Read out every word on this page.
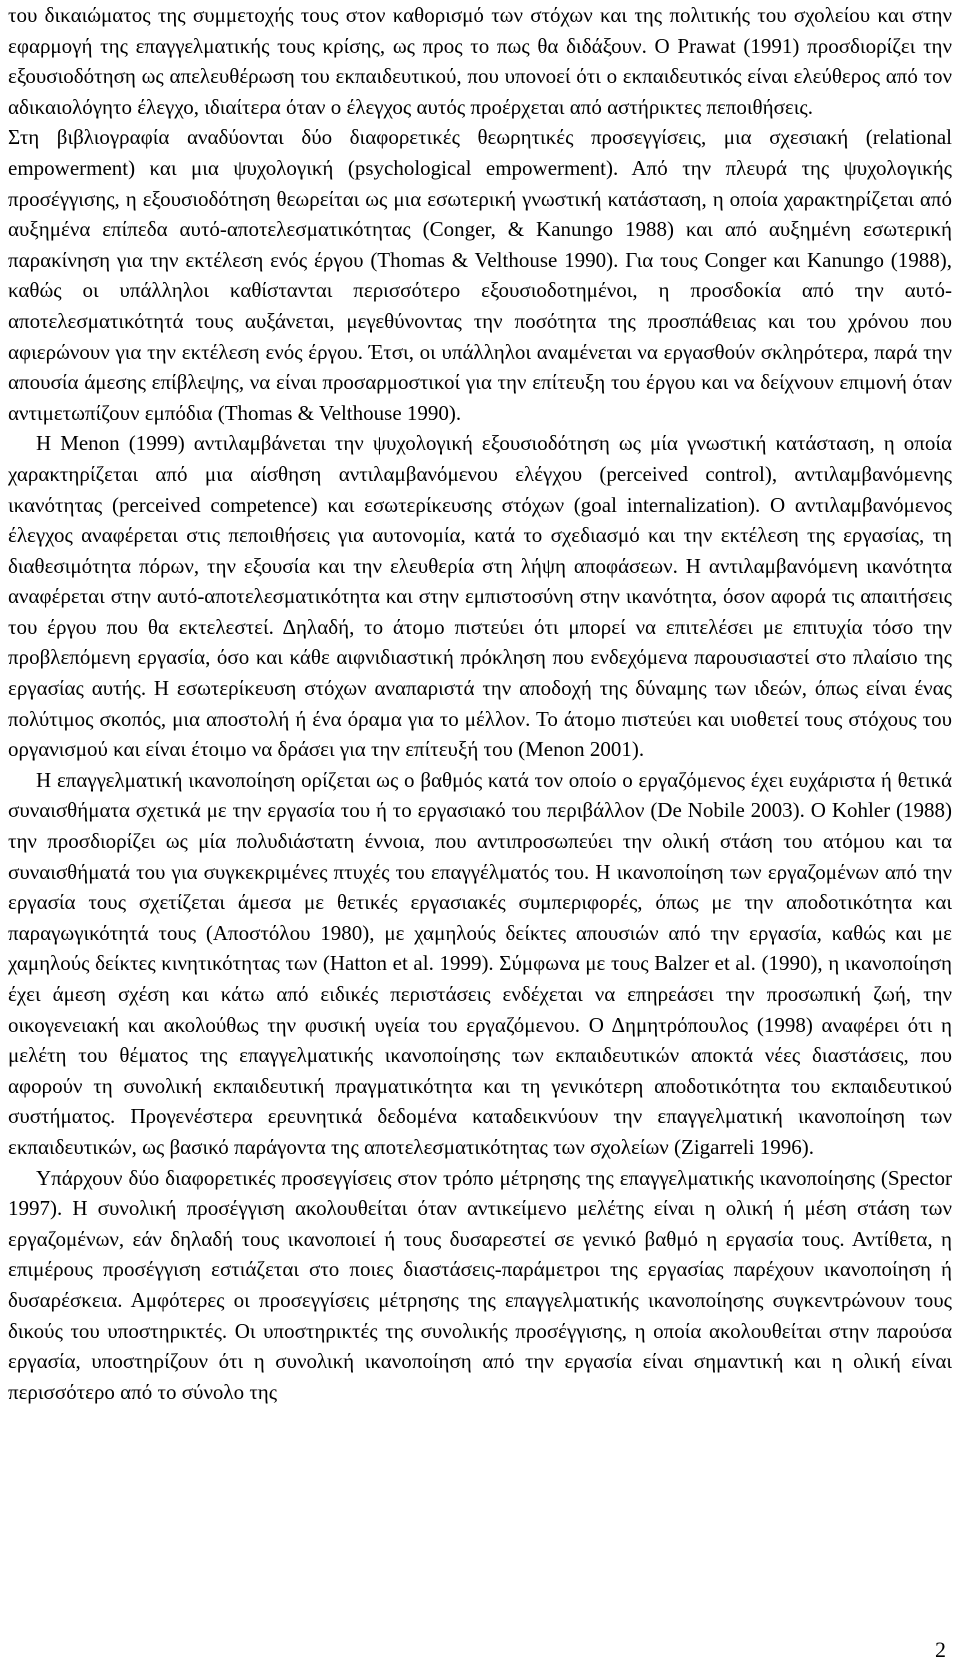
του δικαιώματος της συμμετοχής τους στον καθορισμό των στόχων και της πολιτικής του σχολείου και στην εφαρμογή της επαγγελματικής τους κρίσης, ως προς το πως θα διδάξουν. Ο Prawat (1991) προσδιορίζει την εξουσιοδότηση ως απελευθέρωση του εκπαιδευτικού, που υπονοεί ότι ο εκπαιδευτικός είναι ελεύθερος από τον αδικαιολόγητο έλεγχο, ιδιαίτερα όταν ο έλεγχος αυτός προέρχεται από αστήρικτες πεποιθήσεις.

Στη βιβλιογραφία αναδύονται δύο διαφορετικές θεωρητικές προσεγγίσεις, μια σχεσιακή (relational empowerment) και μια ψυχολογική (psychological empowerment). Από την πλευρά της ψυχολογικής προσέγγισης, η εξουσιοδότηση θεωρείται ως μια εσωτερική γνωστική κατάσταση, η οποία χαρακτηρίζεται από αυξημένα επίπεδα αυτό-αποτελεσματικότητας (Conger, & Kanungo 1988) και από αυξημένη εσωτερική παρακίνηση για την εκτέλεση ενός έργου (Thomas & Velthouse 1990). Για τους Conger και Kanungo (1988), καθώς οι υπάλληλοι καθίστανται περισσότερο εξουσιοδοτημένοι, η προσδοκία από την αυτό-αποτελεσματικότητά τους αυξάνεται, μεγεθύνοντας την ποσότητα της προσπάθειας και του χρόνου που αφιερώνουν για την εκτέλεση ενός έργου. Έτσι, οι υπάλληλοι αναμένεται να εργασθούν σκληρότερα, παρά την απουσία άμεσης επίβλεψης, να είναι προσαρμοστικοί για την επίτευξη του έργου και να δείχνουν επιμονή όταν αντιμετωπίζουν εμπόδια (Thomas & Velthouse 1990).

Η Menon (1999) αντιλαμβάνεται την ψυχολογική εξουσιοδότηση ως μία γνωστική κατάσταση, η οποία χαρακτηρίζεται από μια αίσθηση αντιλαμβανόμενου ελέγχου (perceived control), αντιλαμβανόμενης ικανότητας (perceived competence) και εσωτερίκευσης στόχων (goal internalization). Ο αντιλαμβανόμενος έλεγχος αναφέρεται στις πεποιθήσεις για αυτονομία, κατά το σχεδιασμό και την εκτέλεση της εργασίας, τη διαθεσιμότητα πόρων, την εξουσία και την ελευθερία στη λήψη αποφάσεων. Η αντιλαμβανόμενη ικανότητα αναφέρεται στην αυτό-αποτελεσματικότητα και στην εμπιστοσύνη στην ικανότητα, όσον αφορά τις απαιτήσεις του έργου που θα εκτελεστεί. Δηλαδή, το άτομο πιστεύει ότι μπορεί να επιτελέσει με επιτυχία τόσο την προβλεπόμενη εργασία, όσο και κάθε αιφνιδιαστική πρόκληση που ενδεχόμενα παρουσιαστεί στο πλαίσιο της εργασίας αυτής. Η εσωτερίκευση στόχων αναπαριστά την αποδοχή της δύναμης των ιδεών, όπως είναι ένας πολύτιμος σκοπός, μια αποστολή ή ένα όραμα για το μέλλον. Το άτομο πιστεύει και υιοθετεί τους στόχους του οργανισμού και είναι έτοιμο να δράσει για την επίτευξή του (Menon 2001).

Η επαγγελματική ικανοποίηση ορίζεται ως ο βαθμός κατά τον οποίο ο εργαζόμενος έχει ευχάριστα ή θετικά συναισθήματα σχετικά με την εργασία του ή το εργασιακό του περιβάλλον (De Nobile 2003). Ο Kohler (1988) την προσδιορίζει ως μία πολυδιάστατη έννοια, που αντιπροσωπεύει την ολική στάση του ατόμου και τα συναισθήματά του για συγκεκριμένες πτυχές του επαγγέλματός του. Η ικανοποίηση των εργαζομένων από την εργασία τους σχετίζεται άμεσα με θετικές εργασιακές συμπεριφορές, όπως με την αποδοτικότητα και παραγωγικότητά τους (Αποστόλου 1980), με χαμηλούς δείκτες απουσιών από την εργασία, καθώς και με χαμηλούς δείκτες κινητικότητας των (Hatton et al. 1999). Σύμφωνα με τους Balzer et al. (1990), η ικανοποίηση έχει άμεση σχέση και κάτω από ειδικές περιστάσεις ενδέχεται να επηρεάσει την προσωπική ζωή, την οικογενειακή και ακολούθως την φυσική υγεία του εργαζόμενου. Ο Δημητρόπουλος (1998) αναφέρει ότι η μελέτη του θέματος της επαγγελματικής ικανοποίησης των εκπαιδευτικών αποκτά νέες διαστάσεις, που αφορούν τη συνολική εκπαιδευτική πραγματικότητα και τη γενικότερη αποδοτικότητα του εκπαιδευτικού συστήματος. Προγενέστερα ερευνητικά δεδομένα καταδεικνύουν την επαγγελματική ικανοποίηση των εκπαιδευτικών, ως βασικό παράγοντα της αποτελεσματικότητας των σχολείων (Zigarreli 1996).

Υπάρχουν δύο διαφορετικές προσεγγίσεις στον τρόπο μέτρησης της επαγγελματικής ικανοποίησης (Spector 1997). Η συνολική προσέγγιση ακολουθείται όταν αντικείμενο μελέτης είναι η ολική ή μέση στάση των εργαζομένων, εάν δηλαδή τους ικανοποιεί ή τους δυσαρεστεί σε γενικό βαθμό η εργασία τους. Αντίθετα, η επιμέρους προσέγγιση εστιάζεται στο ποιες διαστάσεις-παράμετροι της εργασίας παρέχουν ικανοποίηση ή δυσαρέσκεια. Αμφότερες οι προσεγγίσεις μέτρησης της επαγγελματικής ικανοποίησης συγκεντρώνουν τους δικούς του υποστηρικτές. Οι υποστηρικτές της συνολικής προσέγγισης, η οποία ακολουθείται στην παρούσα εργασία, υποστηρίζουν ότι η συνολική ικανοποίηση από την εργασία είναι σημαντική και η ολική είναι περισσότερο από το σύνολο της

2
